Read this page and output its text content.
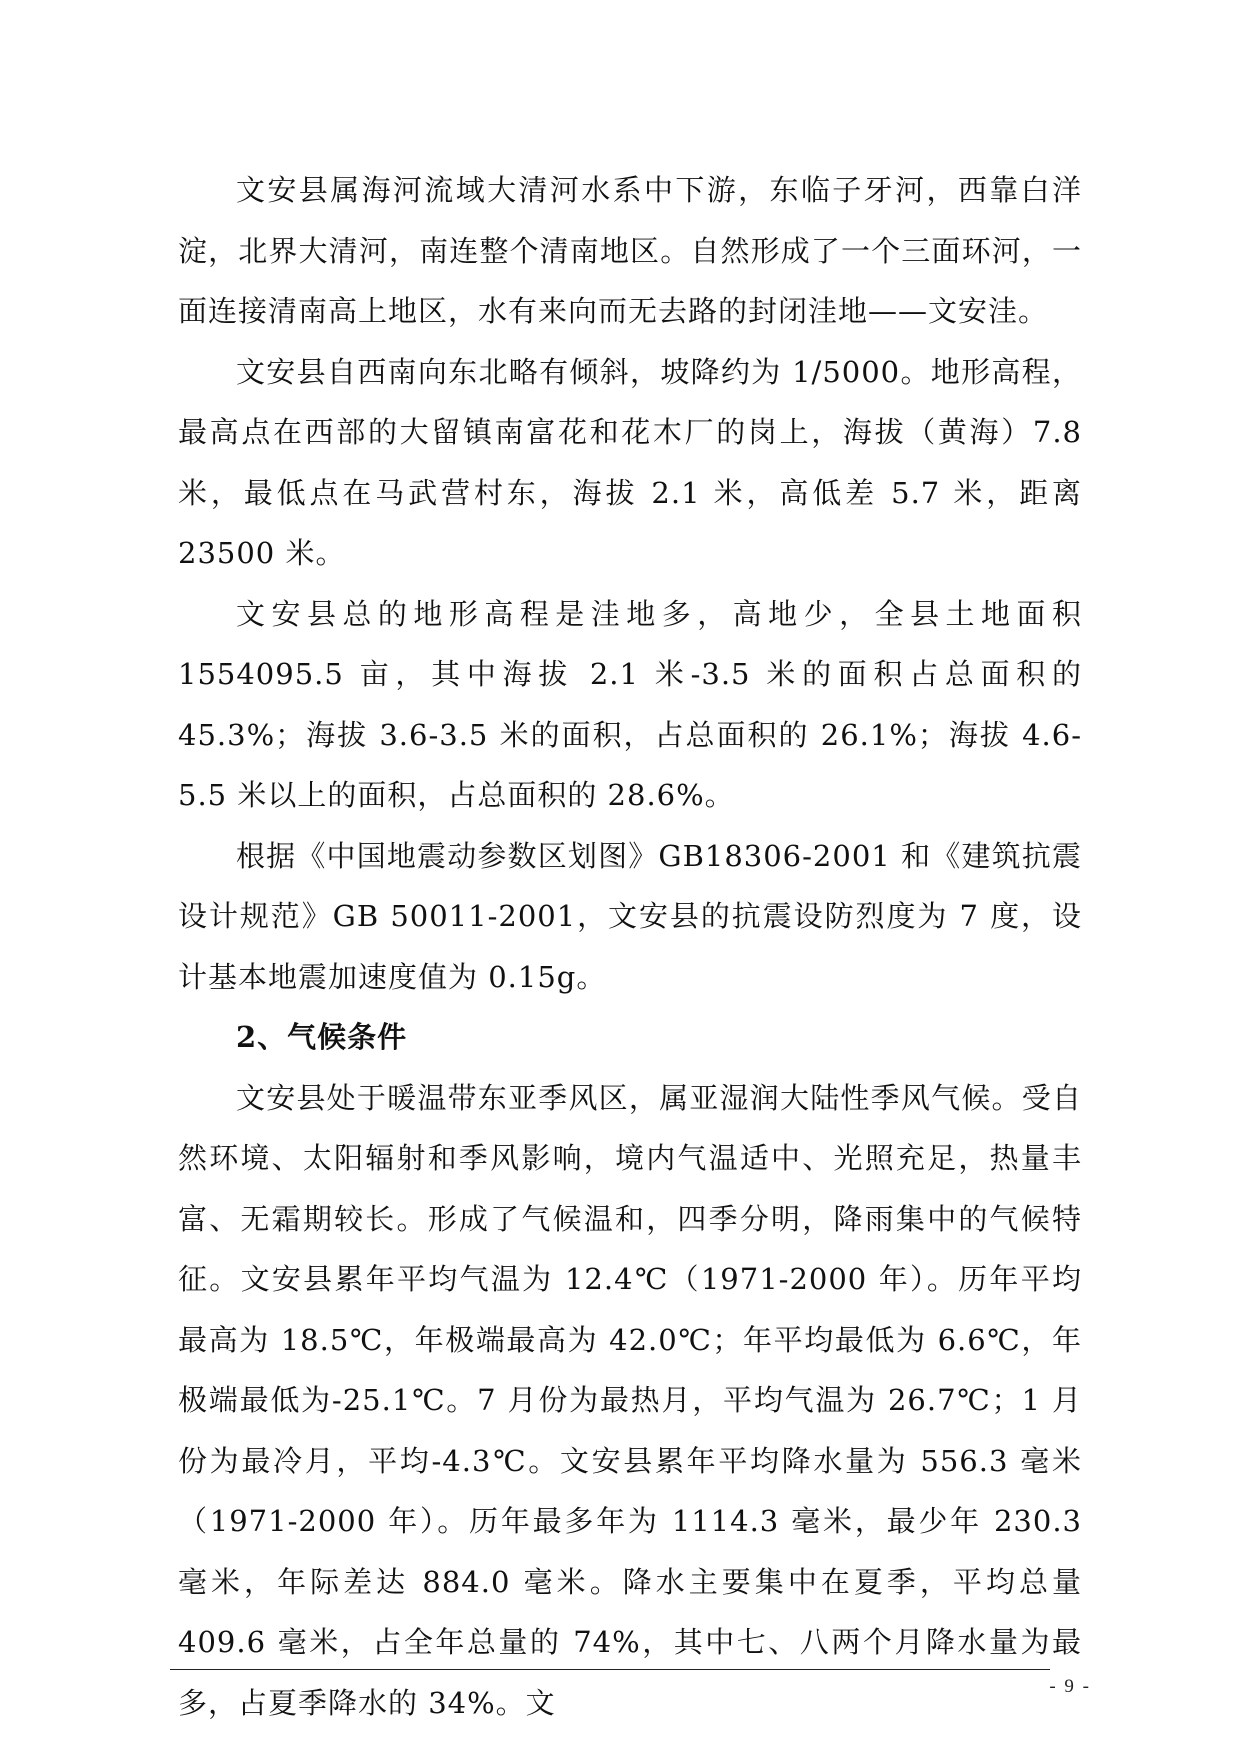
文安县属海河流域大清河水系中下游，东临子牙河，西靠白洋淀，北界大清河，南连整个清南地区。自然形成了一个三面环河，一面连接清南高上地区，水有来向而无去路的封闭洼地——文安洼。

文安县自西南向东北略有倾斜，坡降约为 1/5000。地形高程，最高点在西部的大留镇南富花和花木厂的岗上，海拔（黄海）7.8 米，最低点在马武营村东，海拔 2.1 米，高低差 5.7 米，距离 23500 米。

文安县总的地形高程是洼地多，高地少，全县土地面积 1554095.5 亩，其中海拔 2.1 米-3.5 米的面积占总面积的 45.3%；海拔 3.6-3.5 米的面积，占总面积的 26.1%；海拔 4.6-5.5 米以上的面积，占总面积的 28.6%。

根据《中国地震动参数区划图》GB18306-2001 和《建筑抗震设计规范》GB 50011-2001，文安县的抗震设防烈度为 7 度，设计基本地震加速度值为 0.15g。

2、气候条件

文安县处于暖温带东亚季风区，属亚湿润大陆性季风气候。受自然环境、太阳辐射和季风影响，境内气温适中、光照充足，热量丰富、无霜期较长。形成了气候温和，四季分明，降雨集中的气候特征。文安县累年平均气温为 12.4℃（1971-2000 年）。历年平均最高为 18.5℃，年极端最高为 42.0℃；年平均最低为 6.6℃，年极端最低为-25.1℃。7 月份为最热月，平均气温为 26.7℃；1 月份为最冷月，平均-4.3℃。文安县累年平均降水量为 556.3 毫米（1971-2000 年）。历年最多年为 1114.3 毫米，最少年 230.3 毫米，年际差达 884.0 毫米。降水主要集中在夏季，平均总量 409.6 毫米，占全年总量的 74%，其中七、八两个月降水量为最多，占夏季降水的 34%。文	- 9 -
